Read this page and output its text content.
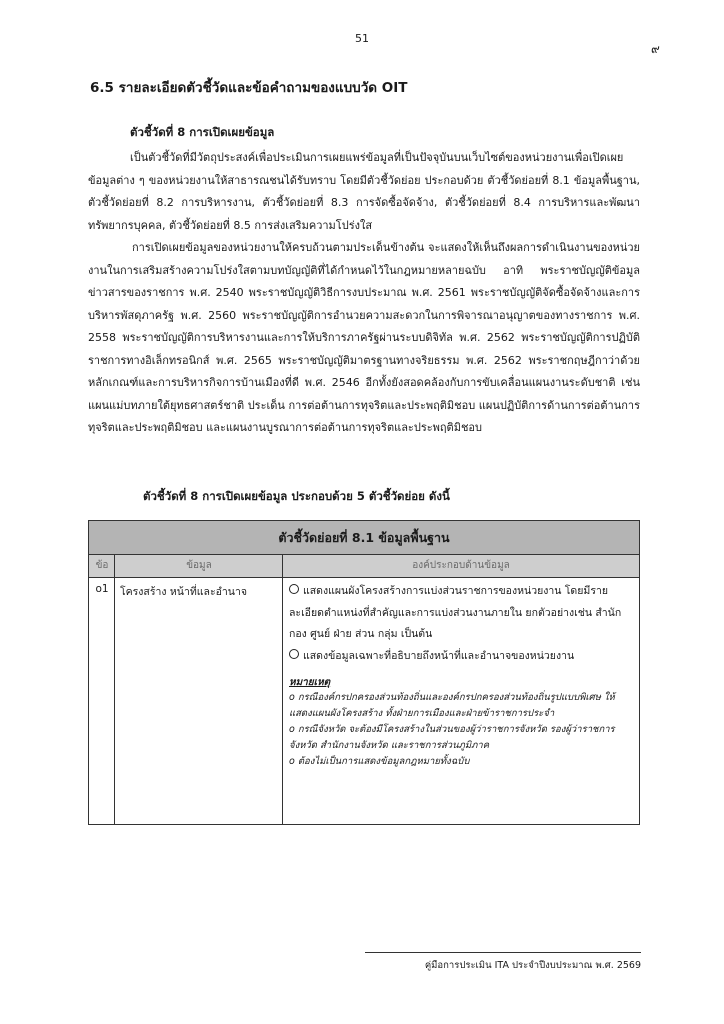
51
๙
6.5 รายละเอียดตัวชี้วัดและข้อคำถามของแบบวัด OIT
ตัวชี้วัดที่ 8 การเปิดเผยข้อมูล
เป็นตัวชี้วัดที่มีวัตถุประสงค์เพื่อประเมินการเผยแพร่ข้อมูลที่เป็นปัจจุบันบนเว็บไซต์ของหน่วยงานเพื่อเปิดเผยข้อมูลต่าง ๆ ของหน่วยงานให้สาธารณชนได้รับทราบ โดยมีตัวชี้วัดย่อย ประกอบด้วย ตัวชี้วัดย่อยที่ 8.1 ข้อมูลพื้นฐาน, ตัวชี้วัดย่อยที่ 8.2 การบริหารงาน, ตัวชี้วัดย่อยที่ 8.3 การจัดซื้อจัดจ้าง, ตัวชี้วัดย่อยที่ 8.4 การบริหารและพัฒนาทรัพยากรบุคคล, ตัวชี้วัดย่อยที่ 8.5 การส่งเสริมความโปร่งใส
การเปิดเผยข้อมูลของหน่วยงานให้ครบถ้วนตามประเด็นข้างต้น จะแสดงให้เห็นถึงผลการดำเนินงานของหน่วยงานในการเสริมสร้างความโปร่งใสตามบทบัญญัติที่ได้กำหนดไว้ในกฎหมายหลายฉบับ อาทิ พระราชบัญญัติข้อมูลข่าวสารของราชการ พ.ศ. 2540 พระราชบัญญัติวิธีการงบประมาณ พ.ศ. 2561 พระราชบัญญัติจัดซื้อจัดจ้างและการบริหารพัสดุภาครัฐ พ.ศ. 2560 พระราชบัญญัติการอำนวยความสะดวกในการพิจารณาอนุญาตของทางราชการ พ.ศ. 2558 พระราชบัญญัติการบริหารงานและการให้บริการภาครัฐผ่านระบบดิจิทัล พ.ศ. 2562 พระราชบัญญัติการปฏิบัติราชการทางอิเล็กทรอนิกส์ พ.ศ. 2565 พระราชบัญญัติมาตรฐานทางจริยธรรม พ.ศ. 2562 พระราชกฤษฎีกาว่าด้วยหลักเกณฑ์และการบริหารกิจการบ้านเมืองที่ดี พ.ศ. 2546 อีกทั้งยังสอดคล้องกับการขับเคลื่อนแผนงานระดับชาติ เช่น แผนแม่บทภายใต้ยุทธศาสตร์ชาติ ประเด็น การต่อต้านการทุจริตและประพฤติมิชอบ แผนปฏิบัติการด้านการต่อต้านการทุจริตและประพฤติมิชอบ และแผนงานบูรณาการต่อต้านการทุจริตและประพฤติมิชอบ
ตัวชี้วัดที่ 8 การเปิดเผยข้อมูล ประกอบด้วย 5 ตัวชี้วัดย่อย ดังนี้
ตัวชี้วัดย่อยที่ 8.1 ข้อมูลพื้นฐาน
ข้อ	ข้อมูล	องค์ประกอบด้านข้อมูล
o1	โครงสร้าง หน้าที่และอำนาจ	แสดงแผนผังโครงสร้างการแบ่งส่วนราชการของหน่วยงาน โดยมีรายละเอียดตำแหน่งที่สำคัญและการแบ่งส่วนงานภายใน ยกตัวอย่างเช่น สำนัก กอง ศูนย์ ฝ่าย ส่วน กลุ่ม เป็นต้น

แสดงข้อมูลเฉพาะที่อธิบายถึงหน้าที่และอำนาจของหน่วยงาน

หมายเหตุ

o กรณีองค์กรปกครองส่วนท้องถิ่นและองค์กรปกครองส่วนท้องถิ่นรูปแบบพิเศษ ให้แสดงแผนผังโครงสร้าง ทั้งฝ่ายการเมืองและฝ่ายข้าราชการประจำ

o กรณีจังหวัด จะต้องมีโครงสร้างในส่วนของผู้ว่าราชการจังหวัด รองผู้ว่าราชการจังหวัด สำนักงานจังหวัด และราชการส่วนภูมิภาค

o ต้องไม่เป็นการแสดงข้อมูลกฎหมายทั้งฉบับ

คู่มือการประเมิน ITA ประจำปีงบประมาณ พ.ศ. 2569
